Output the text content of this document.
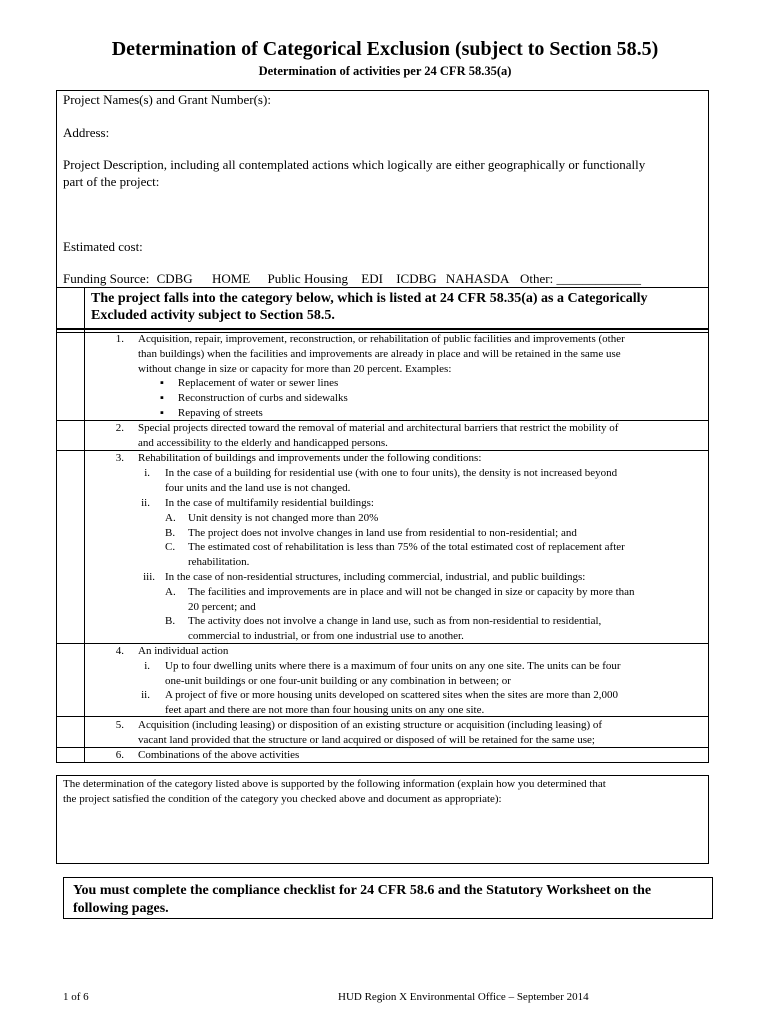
Determination of Categorical Exclusion (subject to Section 58.5)
Determination of activities per 24 CFR 58.35(a)
Project Names(s) and Grant Number(s):
Address:
Project Description, including all contemplated actions which logically are either geographically or functionally
part of the project:
Estimated cost:
Funding Source: CDBG HOME Public Housing EDI ICDBG NAHASDA Other: _____________
The project falls into the category below, which is listed at 24 CFR 58.35(a) as a Categorically
Excluded activity subject to Section 58.5.
1. Acquisition, repair, improvement, reconstruction, or rehabilitation of public facilities and improvements (other
than buildings) when the facilities and improvements are already in place and will be retained in the same use
without change in size or capacity for more than 20 percent. Examples:
▪ Replacement of water or sewer lines
▪ Reconstruction of curbs and sidewalks
▪ Repaving of streets
2. Special projects directed toward the removal of material and architectural barriers that restrict the mobility of
and accessibility to the elderly and handicapped persons.
3. Rehabilitation of buildings and improvements under the following conditions:
i. In the case of a building for residential use (with one to four units), the density is not increased beyond
four units and the land use is not changed.
ii. In the case of multifamily residential buildings:
A. Unit density is not changed more than 20%
B. The project does not involve changes in land use from residential to non-residential; and
C. The estimated cost of rehabilitation is less than 75% of the total estimated cost of replacement after
rehabilitation.
iii. In the case of non-residential structures, including commercial, industrial, and public buildings:
A. The facilities and improvements are in place and will not be changed in size or capacity by more than
20 percent; and
B. The activity does not involve a change in land use, such as from non-residential to residential,
commercial to industrial, or from one industrial use to another.
4. An individual action
i. Up to four dwelling units where there is a maximum of four units on any one site. The units can be four
one-unit buildings or one four-unit building or any combination in between; or
ii. A project of five or more housing units developed on scattered sites when the sites are more than 2,000
feet apart and there are not more than four housing units on any one site.
5. Acquisition (including leasing) or disposition of an existing structure or acquisition (including leasing) of
vacant land provided that the structure or land acquired or disposed of will be retained for the same use;
6. Combinations of the above activities
The determination of the category listed above is supported by the following information (explain how you determined that
the project satisfied the condition of the category you checked above and document as appropriate):
You must complete the compliance checklist for 24 CFR 58.6 and the Statutory Worksheet on the
following pages.
1 of 6	HUD Region X Environmental Office – September 2014
